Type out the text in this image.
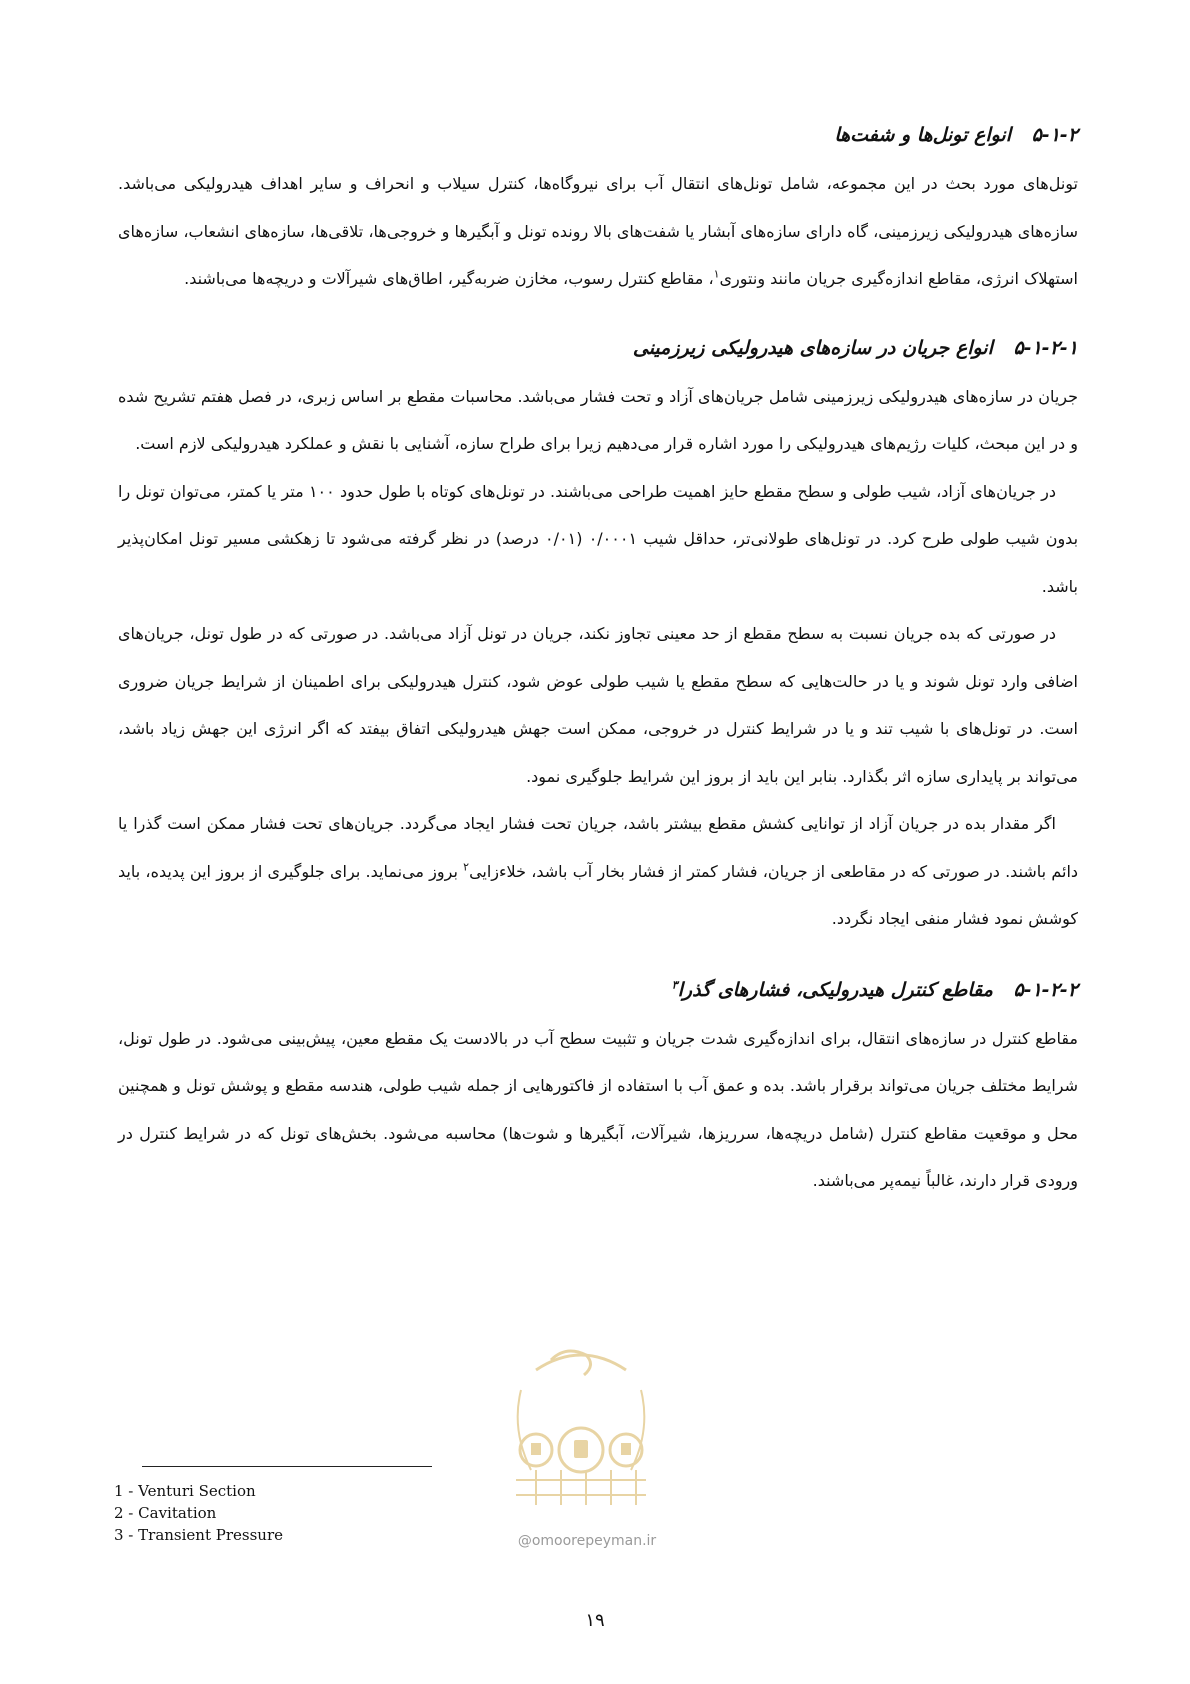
۵-۱-۲ انواع تونل‌ها و شفت‌ها

تونل‌های مورد بحث در این مجموعه، شامل تونل‌های انتقال آب برای نیروگاه‌ها، کنترل سیلاب و انحراف و سایر اهداف هیدرولیکی می‌باشد. سازه‌های هیدرولیکی زیرزمینی، گاه دارای سازه‌های آبشار یا شفت‌های بالا رونده تونل و آبگیرها و خروجی‌ها، تلاقی‌ها، سازه‌های انشعاب، سازه‌های استهلاک انرژی، مقاطع اندازه‌گیری جریان مانند ونتوری$^۱$، مقاطع کنترل رسوب، مخازن ضربه‌گیر، اطاق‌های شیرآلات و دریچه‌ها می‌باشند.

۵-۱-۲-۱ انواع جریان در سازه‌های هیدرولیکی زیرزمینی

جریان در سازه‌های هیدرولیکی زیرزمینی شامل جریان‌های آزاد و تحت فشار می‌باشد. محاسبات مقطع بر اساس زبری، در فصل هفتم تشریح شده و در این مبحث، کلیات رژیم‌های هیدرولیکی را مورد اشاره قرار می‌دهیم زیرا برای طراح سازه، آشنایی با نقش و عملکرد هیدرولیکی لازم است.

در جریان‌های آزاد، شیب طولی و سطح مقطع حایز اهمیت طراحی می‌باشند. در تونل‌های کوتاه با طول حدود ۱۰۰ متر یا کمتر، می‌توان تونل را بدون شیب طولی طرح کرد. در تونل‌های طولانی‌تر، حداقل شیب ۰/۰۰۰۱ (۰/۰۱ درصد) در نظر گرفته می‌شود تا زهکشی مسیر تونل امکان‌پذیر باشد.

در صورتی که بده جریان نسبت به سطح مقطع از حد معینی تجاوز نکند، جریان در تونل آزاد می‌باشد. در صورتی که در طول تونل، جریان‌های اضافی وارد تونل شوند و یا در حالت‌هایی که سطح مقطع یا شیب طولی عوض شود، کنترل هیدرولیکی برای اطمینان از شرایط جریان ضروری است. در تونل‌های با شیب تند و یا در شرایط کنترل در خروجی، ممکن است جهش هیدرولیکی اتفاق بیفتد که اگر انرژی این جهش زیاد باشد، می‌تواند بر پایداری سازه اثر بگذارد. بنابر این باید از بروز این شرایط جلوگیری نمود.

اگر مقدار بده در جریان آزاد از توانایی کشش مقطع بیشتر باشد، جریان تحت فشار ایجاد می‌گردد. جریان‌های تحت فشار ممکن است گذرا یا دائم باشند. در صورتی که در مقاطعی از جریان، فشار کمتر از فشار بخار آب باشد، خلاءزایی$^۲$ بروز می‌نماید. برای جلوگیری از بروز این پدیده، باید کوشش نمود فشار منفی ایجاد نگردد.

۵-۱-۲-۲ مقاطع کنترل هیدرولیکی، فشارهای گذرا$^۳$

مقاطع کنترل در سازه‌های انتقال، برای اندازه‌گیری شدت جریان و تثبیت سطح آب در بالادست یک مقطع معین، پیش‌بینی می‌شود. در طول تونل، شرایط مختلف جریان می‌تواند برقرار باشد. بده و عمق آب با استفاده از فاکتورهایی از جمله شیب طولی، هندسه مقطع و پوشش تونل و همچنین محل و موقعیت مقاطع کنترل (شامل دریچه‌ها، سرریزها، شیرآلات، آبگیرها و شوت‌ها) محاسبه می‌شود. بخش‌های تونل که در شرایط کنترل در ورودی قرار دارند، غالباً نیمه‌پر می‌باشند.

@omoorepeyman.ir
1 - Venturi Section
2 - Cavitation
3 - Transient Pressure
۱۹
